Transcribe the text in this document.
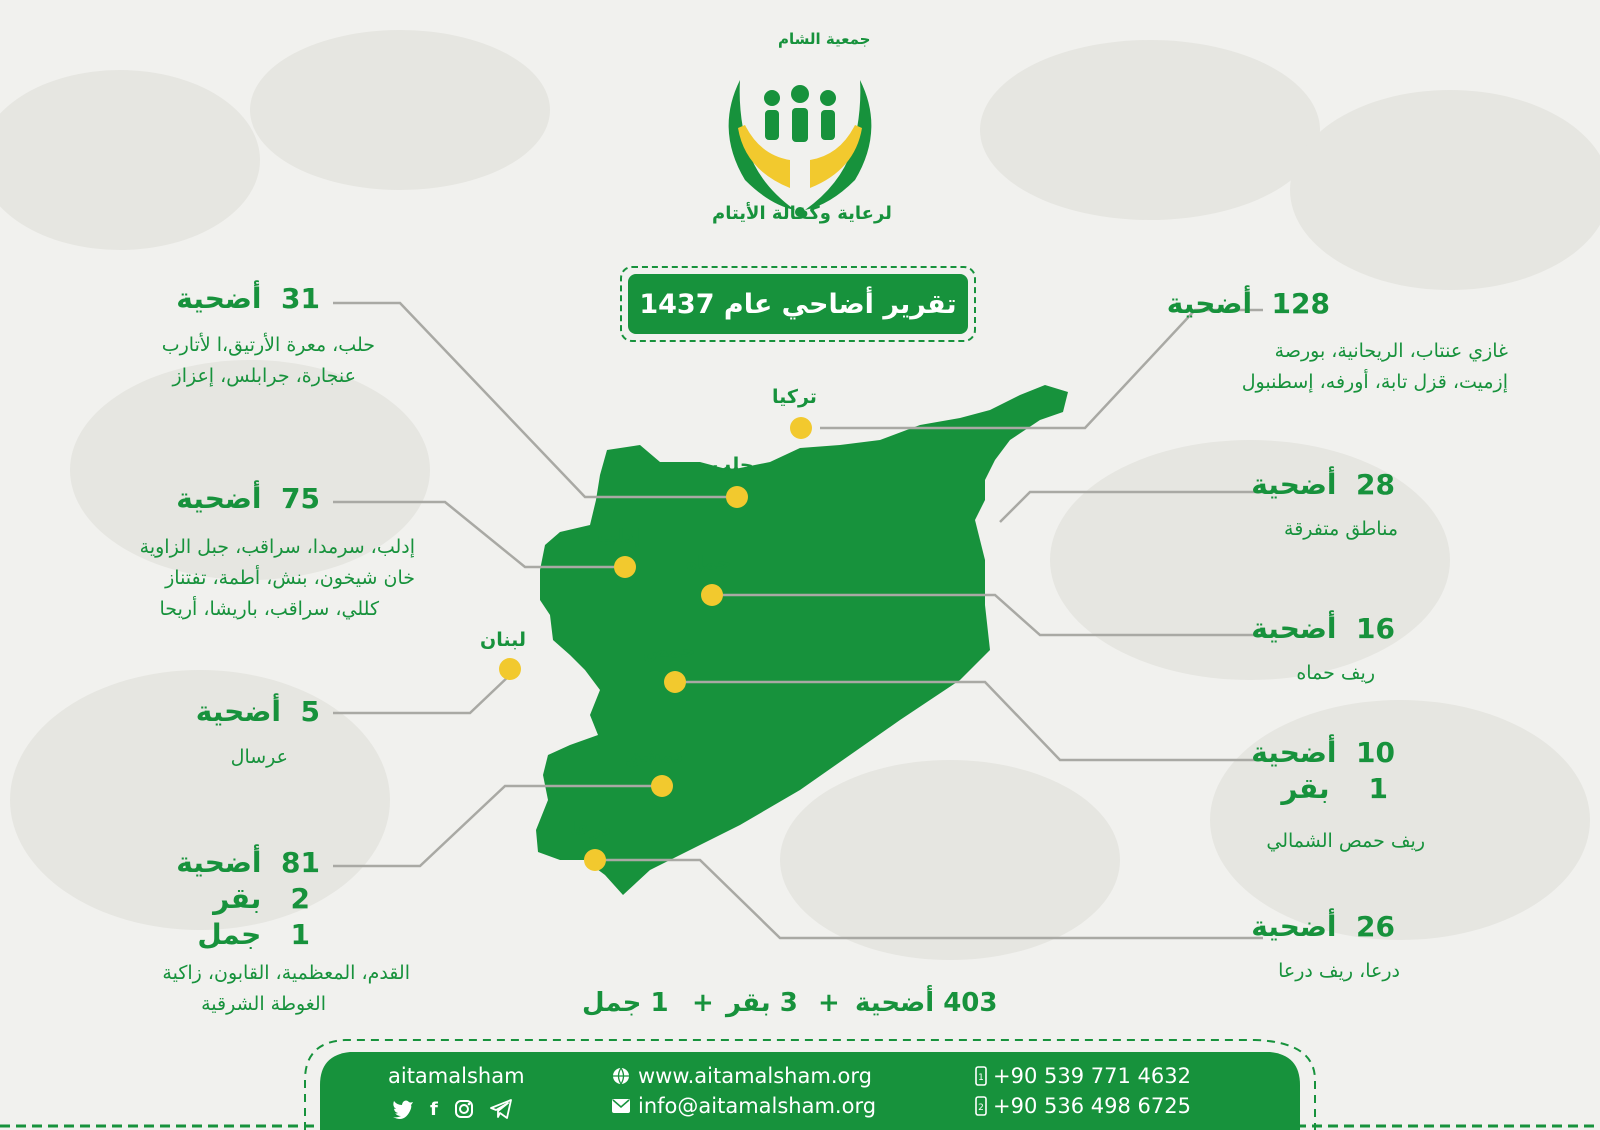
جمعية الشام
لرعاية وكفالة الأيتام
تقرير أضاحي عام 1437
تركيا
حلب
إدلب
حماه
لبنان	حمص
دمشق
درعا
31  أضحية
حلب، معرة الأرتيق،ا لأتارب
عنجارة، جرابلس، إعزاز
75  أضحية
إدلب، سرمدا، سراقب، جبل الزاوية
خان شيخون، بنش، أطمة، تفتناز
كللي، سراقب، باريشا، أريحا
5  أضحية
عرسال
81  أضحية
2   بقر
1   جمل
القدم، المعظمية، القابون، زاكية
الغوطة الشرقية
128  أضحية
غازي عنتاب، الريحانية، بورصة
إزميت، قزل تابة، أورفه، إسطنبول
28  أضحية
مناطق متفرقة
16  أضحية
ريف حماه
10  أضحية
1    بقر
ريف حمص الشمالي
26  أضحية
درعا، ريف درعا
1 جمل + 3 بقر + 403 أضحية
aitamalsham
f
www.aitamalsham.org
info@aitamalsham.org
1 +90 539 771 4632
2 +90 536 498 6725
